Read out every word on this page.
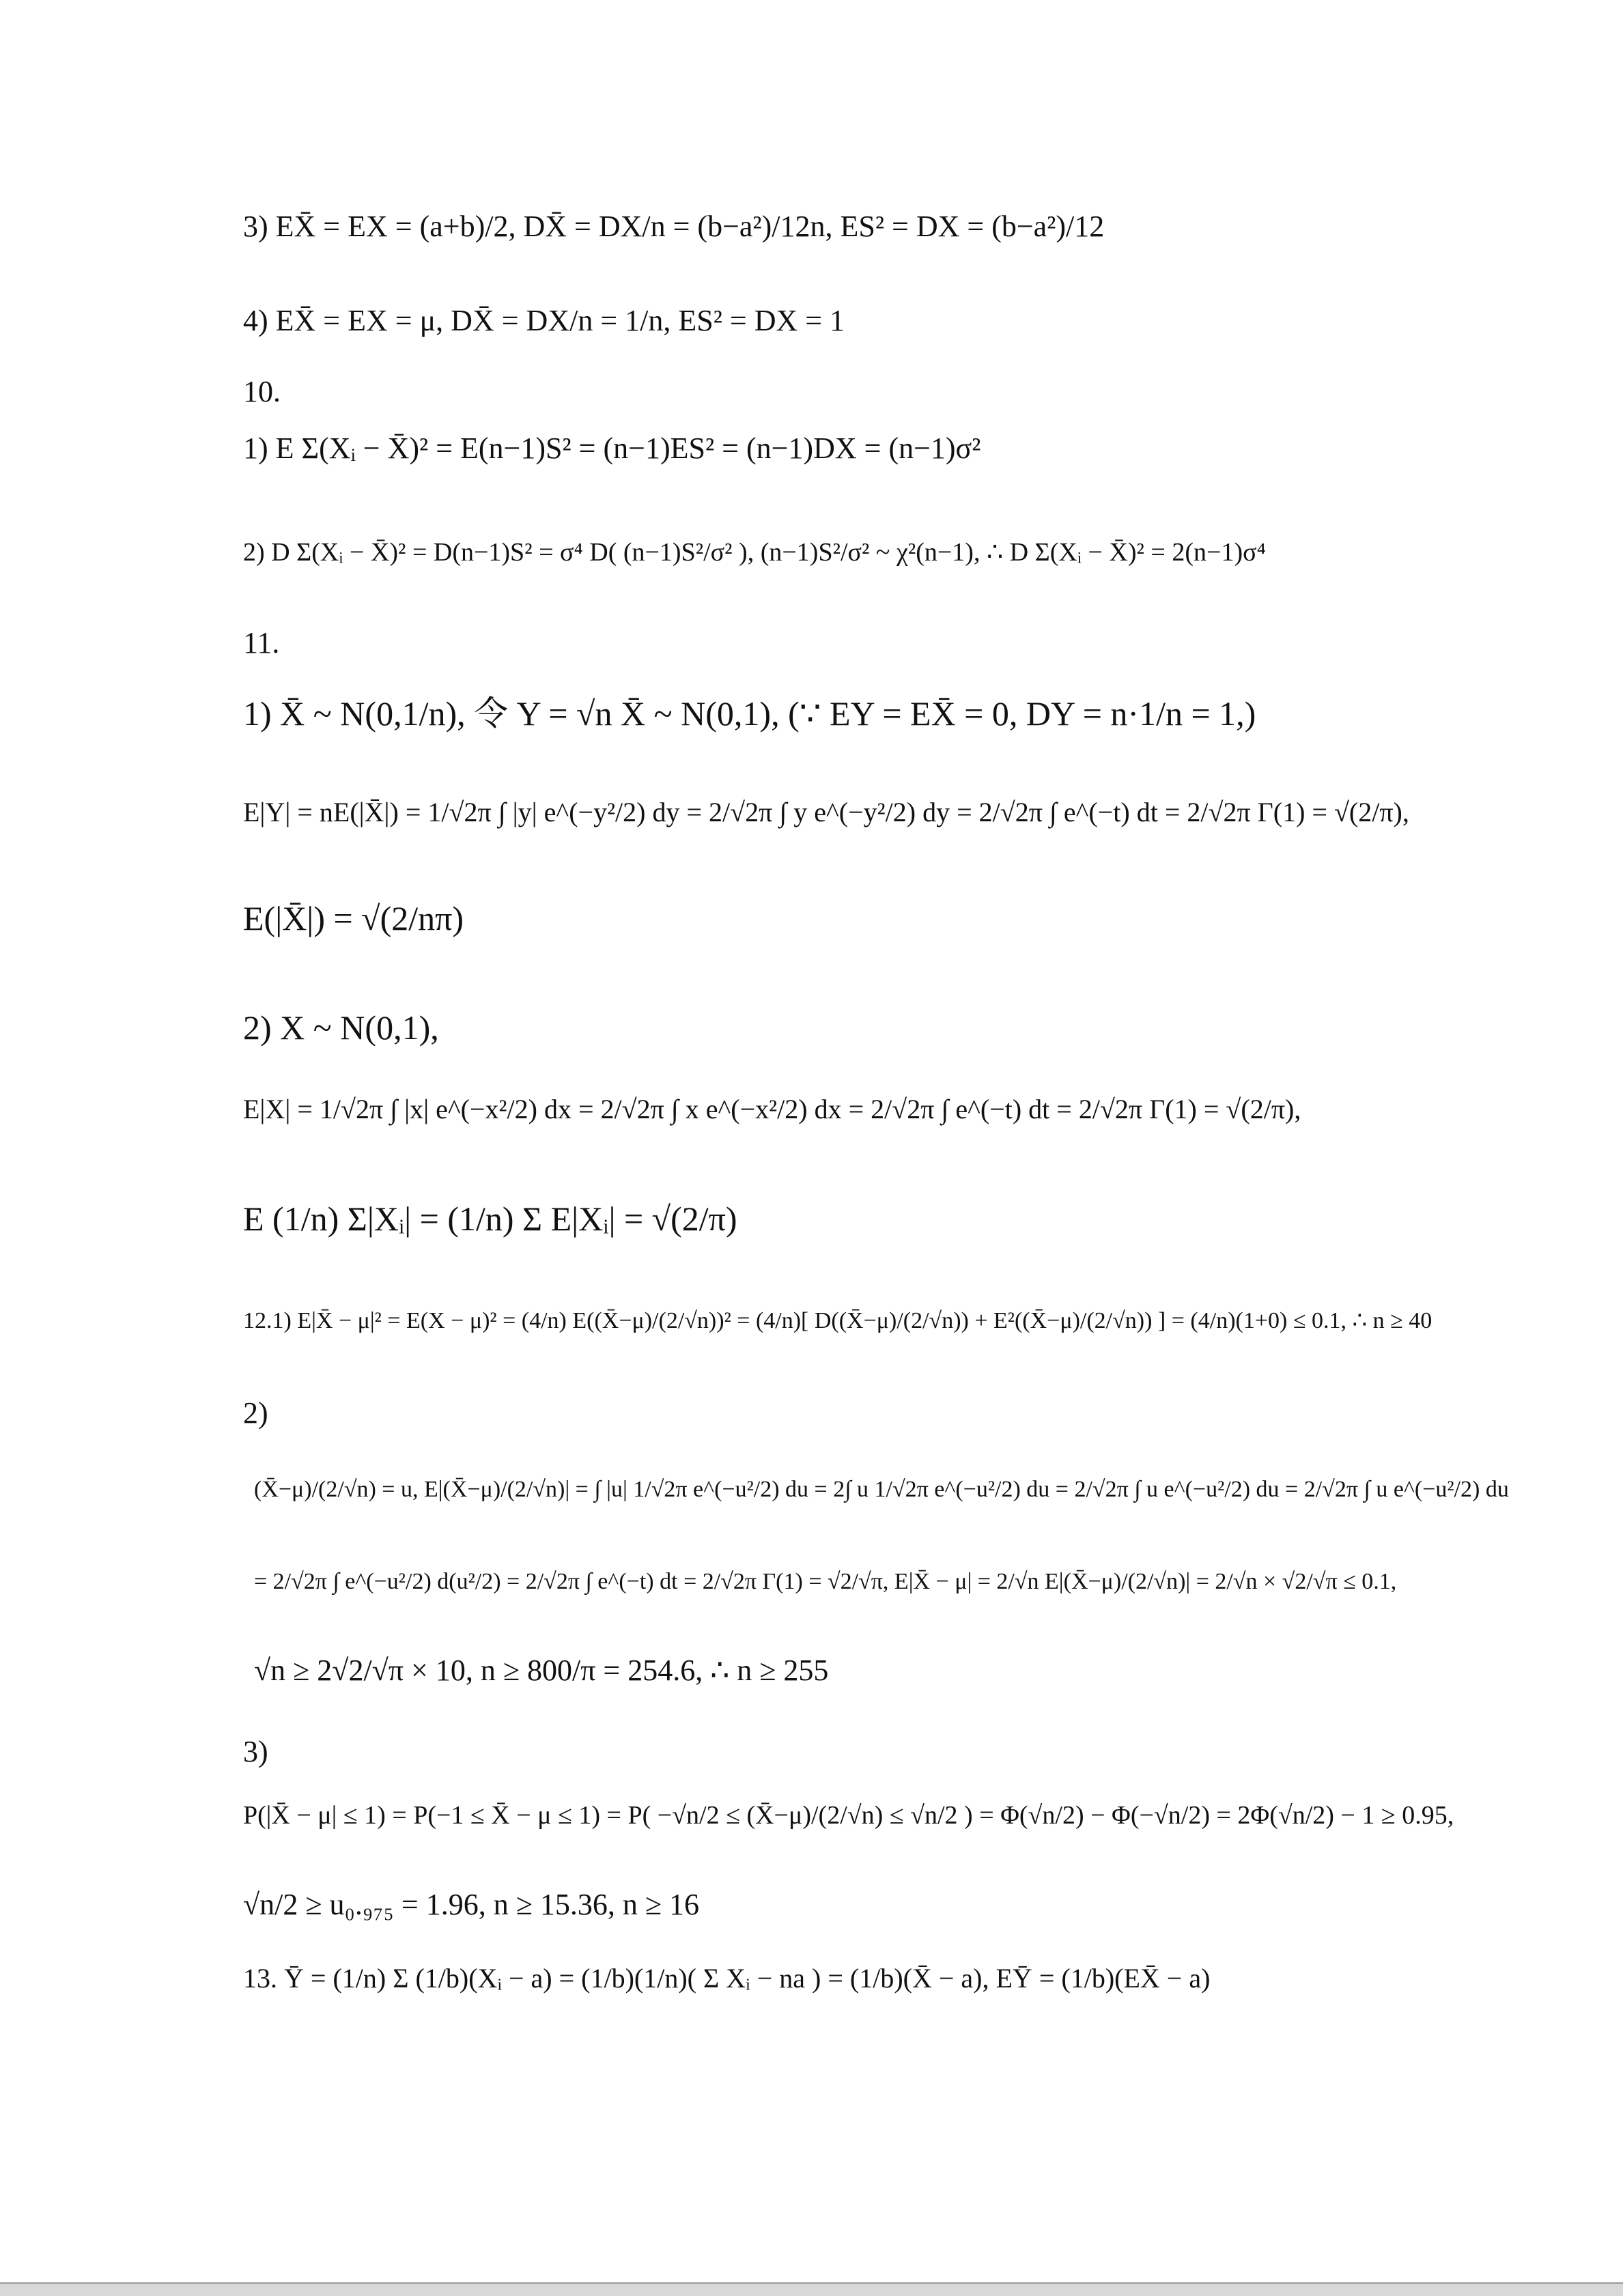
3) EX̄ = EX = (a+b)/2, DX̄ = DX/n = (b−a²)/12n, ES² = DX = (b−a²)/12
4) EX̄ = EX = μ, DX̄ = DX/n = 1/n, ES² = DX = 1
10.
1) E Σ(Xᵢ − X̄)² = E(n−1)S² = (n−1)ES² = (n−1)DX = (n−1)σ²
2) D Σ(Xᵢ − X̄)² = D(n−1)S² = σ⁴ D( (n−1)S²/σ² ), (n−1)S²/σ² ~ χ²(n−1), ∴ D Σ(Xᵢ − X̄)² = 2(n−1)σ⁴
11.
1) X̄ ~ N(0,1/n), 令 Y = √n X̄ ~ N(0,1), (∵ EY = EX̄ = 0, DY = n·1/n = 1,)
E|Y| = nE(|X̄|) = 1/√2π ∫ |y| e^(−y²/2) dy = 2/√2π ∫ y e^(−y²/2) dy = 2/√2π ∫ e^(−t) dt = 2/√2π Γ(1) = √(2/π),
E(|X̄|) = √(2/nπ)
2) X ~ N(0,1),
E|X| = 1/√2π ∫ |x| e^(−x²/2) dx = 2/√2π ∫ x e^(−x²/2) dx = 2/√2π ∫ e^(−t) dt = 2/√2π Γ(1) = √(2/π),
E (1/n) Σ|Xᵢ| = (1/n) Σ E|Xᵢ| = √(2/π)
12.1) E|X̄ − μ|² = E(X − μ)² = (4/n) E((X̄−μ)/(2/√n))² = (4/n)[ D((X̄−μ)/(2/√n)) + E²((X̄−μ)/(2/√n)) ] = (4/n)(1+0) ≤ 0.1, ∴ n ≥ 40
2)
(X̄−μ)/(2/√n) = u, E|(X̄−μ)/(2/√n)| = ∫ |u| 1/√2π e^(−u²/2) du = 2∫ u 1/√2π e^(−u²/2) du = 2/√2π ∫ u e^(−u²/2) du = 2/√2π ∫ u e^(−u²/2) du
= 2/√2π ∫ e^(−u²/2) d(u²/2) = 2/√2π ∫ e^(−t) dt = 2/√2π Γ(1) = √2/√π, E|X̄ − μ| = 2/√n E|(X̄−μ)/(2/√n)| = 2/√n × √2/√π ≤ 0.1,
√n ≥ 2√2/√π × 10, n ≥ 800/π = 254.6, ∴ n ≥ 255
3)
P(|X̄ − μ| ≤ 1) = P(−1 ≤ X̄ − μ ≤ 1) = P( −√n/2 ≤ (X̄−μ)/(2/√n) ≤ √n/2 ) = Φ(√n/2) − Φ(−√n/2) = 2Φ(√n/2) − 1 ≥ 0.95,
√n/2 ≥ u₀.₉₇₅ = 1.96, n ≥ 15.36, n ≥ 16
13. Ȳ = (1/n) Σ (1/b)(Xᵢ − a) = (1/b)(1/n)( Σ Xᵢ − na ) = (1/b)(X̄ − a), EȲ = (1/b)(EX̄ − a)
